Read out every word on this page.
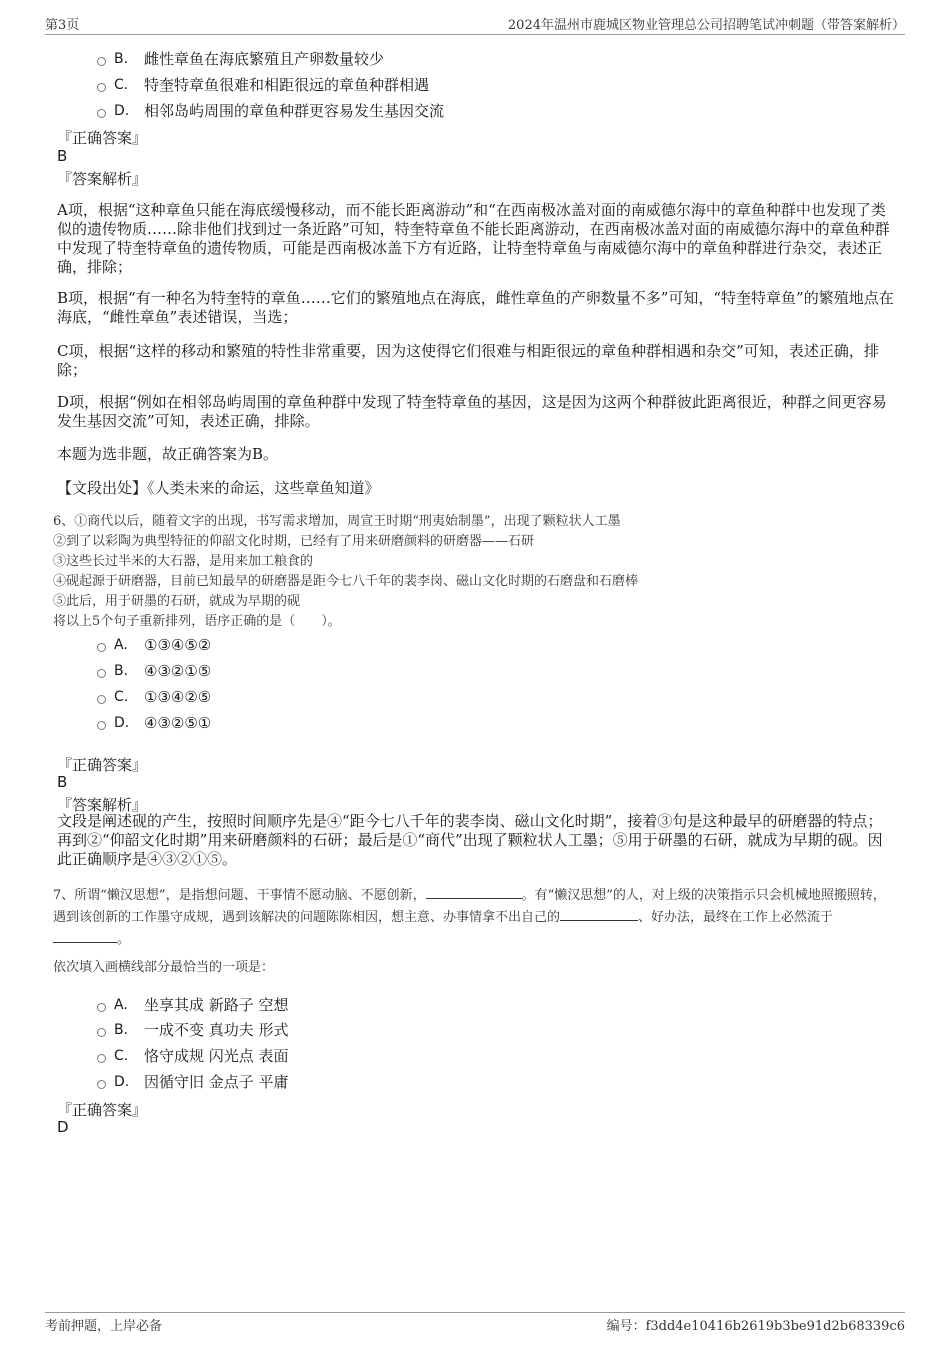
第3页	2024年温州市鹿城区物业管理总公司招聘笔试冲刺题（带答案解析）
B.	雌性章鱼在海底繁殖且产卵数量较少
C.	特奎特章鱼很难和相距很远的章鱼种群相遇
D. 相邻岛屿周围的章鱼种群更容易发生基因交流
『正确答案』
B
『答案解析』
A项，根据“这种章鱼只能在海底缓慢移动，而不能长距离游动”和“在西南极冰盖对面的南威德尔海中的章鱼种群中也发现了类似的遗传物质……除非他们找到过一条近路”可知，特奎特章鱼不能长距离游动，在西南极冰盖对面的南威德尔海中的章鱼种群中发现了特奎特章鱼的遗传物质，可能是西南极冰盖下方有近路，让特奎特章鱼与南威德尔海中的章鱼种群进行杂交，表述正确，排除；
B项，根据“有一种名为特奎特的章鱼……它们的繁殖地点在海底，雌性章鱼的产卵数量不多”可知，“特奎特章鱼”的繁殖地点在海底，“雌性章鱼”表述错误，当选；
C项，根据“这样的移动和繁殖的特性非常重要，因为这使得它们很难与相距很远的章鱼种群相遇和杂交”可知，表述正确，排除；
D项，根据“例如在相邻岛屿周围的章鱼种群中发现了特奎特章鱼的基因，这是因为这两个种群彼此距离很近，种群之间更容易发生基因交流”可知，表述正确，排除。
本题为选非题，故正确答案为B。
【文段出处】《人类未来的命运，这些章鱼知道》
6、①商代以后，随着文字的出现，书写需求增加，周宣王时期“刑夷始制墨”，出现了颗粒状人工墨
②到了以彩陶为典型特征的仰韶文化时期，已经有了用来研磨颜料的研磨器——石研
③这些长过半米的大石器，是用来加工粮食的
④砚起源于研磨器，目前已知最早的研磨器是距今七八千年的裴李岗、磁山文化时期的石磨盘和石磨棒
⑤此后，用于研墨的石研，就成为早期的砚
将以上5个句子重新排列，语序正确的是（　　）。
A.	①③④⑤②
B.	④③②①⑤
C.	①③④②⑤
D. ④③②⑤①
『正确答案』
B
『答案解析』
文段是阐述砚的产生，按照时间顺序先是④“距今七八千年的裴李岗、磁山文化时期”，接着③句是这种最早的研磨器的特点；再到②“仰韶文化时期”用来研磨颜料的石研；最后是①“商代”出现了颗粒状人工墨；⑤用于研墨的石研，就成为早期的砚。因此正确顺序是④③②①⑤。
7、所谓“懒汉思想”，是指想问题、干事情不愿动脑、不愿创新，	。有“懒汉思想”的人，对上级的决策指示只会机械地照搬照转，遇到该创新的工作墨守成规，遇到该解决的问题陈陈相因，想主意、办事情拿不出自己的	、好办法，最终在工作上必然流于
。
依次填入画横线部分最恰当的一项是：
A.	坐享其成 新路子 空想
B.	一成不变 真功夫 形式
C.	恪守成规 闪光点 表面
D. 因循守旧 金点子 平庸
『正确答案』
D
考前押题，上岸必备	编号：f3dd4e10416b2619b3be91d2b68339c6
